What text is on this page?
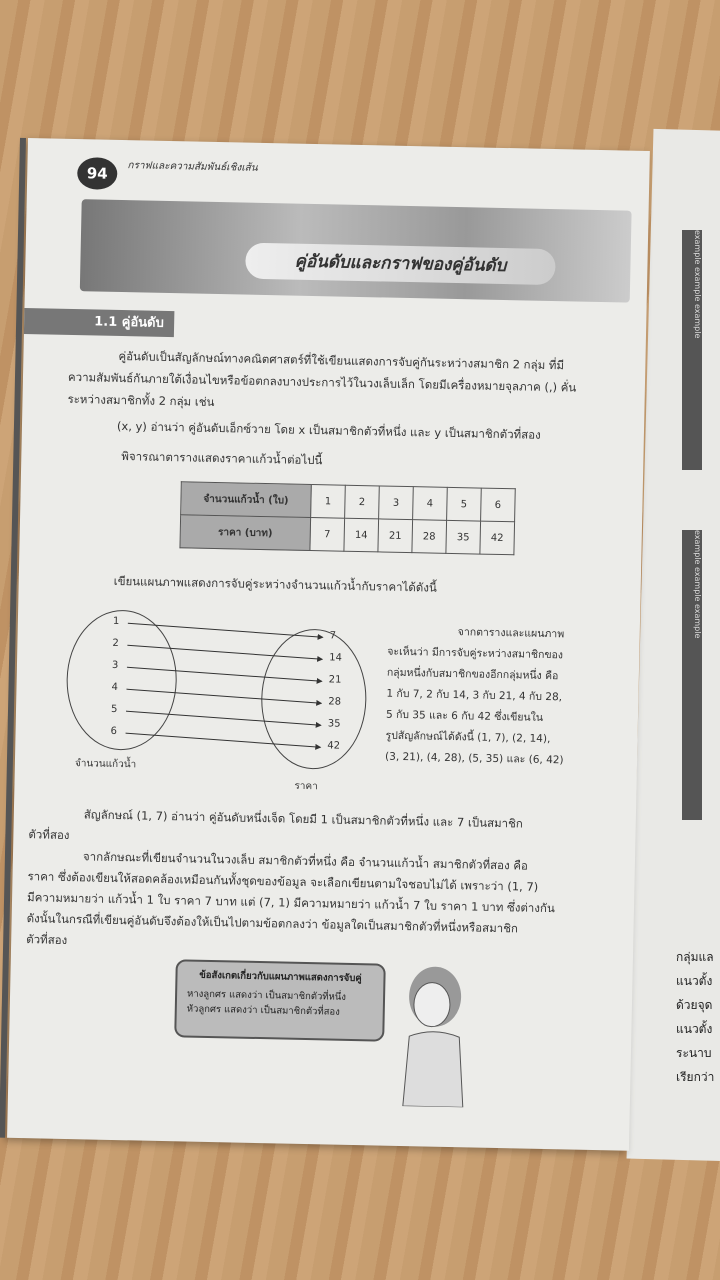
example example example
example example example
กลุ่มแล
แนวตั้ง
ด้วยจุด
แนวตั้ง
ระนาบ
เรียกว่า
94	กราฟและความสัมพันธ์เชิงเส้น
คู่อันดับและกราฟของคู่อันดับ
1.1 คู่อันดับ
คู่อันดับเป็นสัญลักษณ์ทางคณิตศาสตร์ที่ใช้เขียนแสดงการจับคู่กันระหว่างสมาชิก 2 กลุ่ม ที่มี
ความสัมพันธ์กันภายใต้เงื่อนไขหรือข้อตกลงบางประการไว้ในวงเล็บเล็ก โดยมีเครื่องหมายจุลภาค (,) คั่น
ระหว่างสมาชิกทั้ง 2 กลุ่ม เช่น
(x, y) อ่านว่า คู่อันดับเอ็กซ์วาย โดย x เป็นสมาชิกตัวที่หนึ่ง และ y เป็นสมาชิกตัวที่สอง
พิจารณาตารางแสดงราคาแก้วน้ำต่อไปนี้
จำนวนแก้วน้ำ (ใบ)	1	2	3	4	5	6
ราคา (บาท)	7	14	21	28	35	42
เขียนแผนภาพแสดงการจับคู่ระหว่างจำนวนแก้วน้ำกับราคาได้ดังนี้
1
7
2
14
3
21
4
28
5
35
6
42
จำนวนแก้วน้ำ
ราคา
จากตารางและแผนภาพ
จะเห็นว่า มีการจับคู่ระหว่างสมาชิกของ
กลุ่มหนึ่งกับสมาชิกของอีกกลุ่มหนึ่ง คือ
1 กับ 7, 2 กับ 14, 3 กับ 21, 4 กับ 28,
5 กับ 35 และ 6 กับ 42 ซึ่งเขียนใน
รูปสัญลักษณ์ได้ดังนี้ (1, 7), (2, 14),
(3, 21), (4, 28), (5, 35) และ (6, 42)
สัญลักษณ์ (1, 7) อ่านว่า คู่อันดับหนึ่งเจ็ด โดยมี 1 เป็นสมาชิกตัวที่หนึ่ง และ 7 เป็นสมาชิก
ตัวที่สอง
จากลักษณะที่เขียนจำนวนในวงเล็บ สมาชิกตัวที่หนึ่ง คือ จำนวนแก้วน้ำ สมาชิกตัวที่สอง คือ
ราคา ซึ่งต้องเขียนให้สอดคล้องเหมือนกันทั้งชุดของข้อมูล จะเลือกเขียนตามใจชอบไม่ได้ เพราะว่า (1, 7)
มีความหมายว่า แก้วน้ำ 1 ใบ ราคา 7 บาท แต่ (7, 1) มีความหมายว่า แก้วน้ำ 7 ใบ ราคา 1 บาท ซึ่งต่างกัน
ดังนั้นในกรณีที่เขียนคู่อันดับจึงต้องให้เป็นไปตามข้อตกลงว่า ข้อมูลใดเป็นสมาชิกตัวที่หนึ่งหรือสมาชิก
ตัวที่สอง
ข้อสังเกตเกี่ยวกับแผนภาพแสดงการจับคู่
หางลูกศร แสดงว่า เป็นสมาชิกตัวที่หนึ่ง
หัวลูกศร แสดงว่า เป็นสมาชิกตัวที่สอง
